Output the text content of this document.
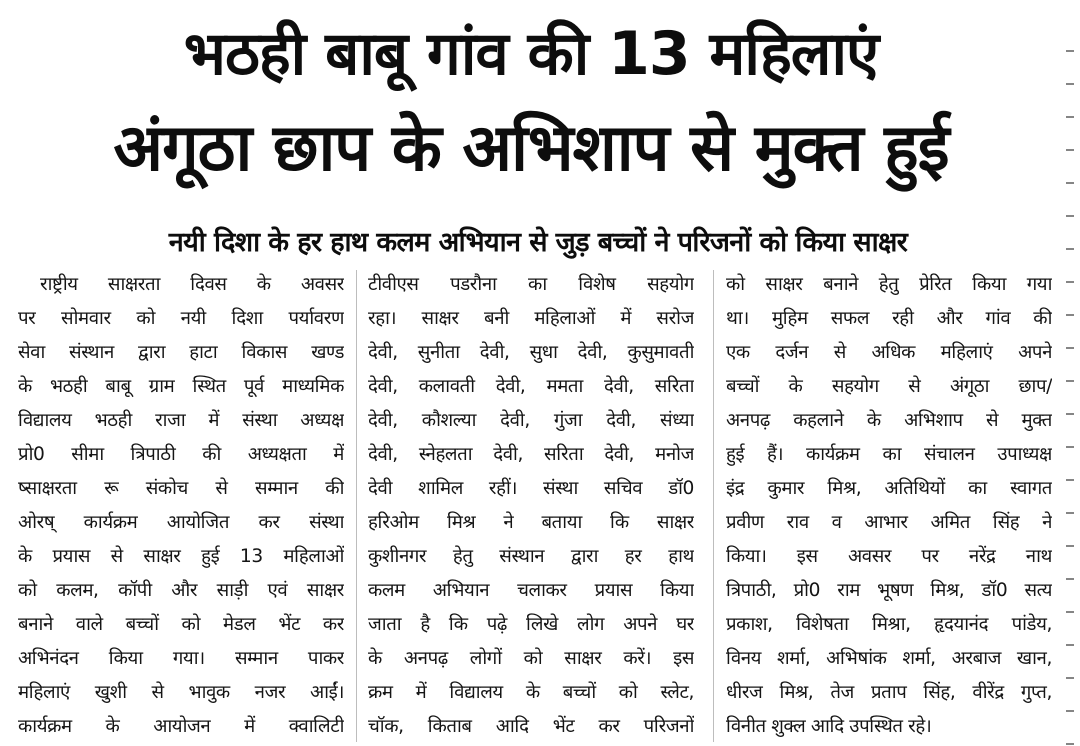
भठही बाबू गांव की 13 महिलाएं
अंगूठा छाप के अभिशाप से मुक्त हुई
नयी दिशा के हर हाथ कलम अभियान से जुड़ बच्चों ने परिजनों को किया साक्षर
राष्ट्रीय साक्षरता दिवस के अवसर
पर सोमवार को नयी दिशा पर्यावरण
सेवा संस्थान द्वारा हाटा विकास खण्ड
के भठही बाबू ग्राम स्थित पूर्व माध्यमिक
विद्यालय भठही राजा में संस्था अध्यक्ष
प्रो0 सीमा त्रिपाठी की अध्यक्षता में
ष्साक्षरता रू संकोच से सम्मान की
ओरष् कार्यक्रम आयोजित कर संस्था
के प्रयास से साक्षर हुई 13 महिलाओं
को कलम, कॉपी और साड़ी एवं साक्षर
बनाने वाले बच्चों को मेडल भेंट कर
अभिनंदन किया गया। सम्मान पाकर
महिलाएं खुशी से भावुक नजर आईं।
कार्यक्रम के आयोजन में क्वालिटी
टीवीएस पडरौना का विशेष सहयोग
रहा। साक्षर बनी महिलाओं में सरोज
देवी, सुनीता देवी, सुधा देवी, कुसुमावती
देवी, कलावती देवी, ममता देवी, सरिता
देवी, कौशल्या देवी, गुंजा देवी, संध्या
देवी, स्नेहलता देवी, सरिता देवी, मनोज
देवी शामिल रहीं। संस्था सचिव डॉ0
हरिओम मिश्र ने बताया कि साक्षर
कुशीनगर हेतु संस्थान द्वारा हर हाथ
कलम अभियान चलाकर प्रयास किया
जाता है कि पढ़े लिखे लोग अपने घर
के अनपढ़ लोगों को साक्षर करें। इस
क्रम में विद्यालय के बच्चों को स्लेट,
चॉक, किताब आदि भेंट कर परिजनों
को साक्षर बनाने हेतु प्रेरित किया गया
था। मुहिम सफल रही और गांव की
एक दर्जन से अधिक महिलाएं अपने
बच्चों के सहयोग से अंगूठा छाप/
अनपढ़ कहलाने के अभिशाप से मुक्त
हुई हैं। कार्यक्रम का संचालन उपाध्यक्ष
इंद्र कुमार मिश्र, अतिथियों का स्वागत
प्रवीण राव व आभार अमित सिंह ने
किया। इस अवसर पर नरेंद्र नाथ
त्रिपाठी, प्रो0 राम भूषण मिश्र, डॉ0 सत्य
प्रकाश, विशेषता मिश्रा, हृदयानंद पांडेय,
विनय शर्मा, अभिषांक शर्मा, अरबाज खान,
धीरज मिश्र, तेज प्रताप सिंह, वीरेंद्र गुप्त,
विनीत शुक्ल आदि उपस्थित रहे।
